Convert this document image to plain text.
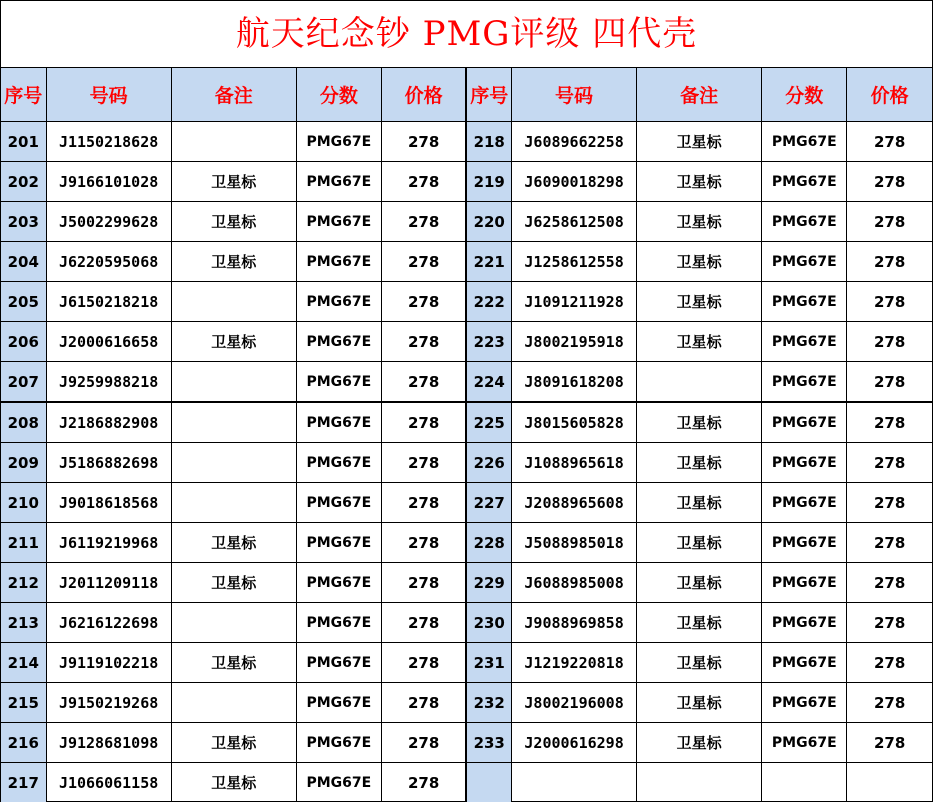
航天纪念钞 PMG评级 四代壳
序号	号码	备注	分数	价格	序号	号码	备注	分数	价格
201	J1150218628		PMG67E	278	218	J6089662258	卫星标	PMG67E	278
202	J9166101028	卫星标	PMG67E	278	219	J6090018298	卫星标	PMG67E	278
203	J5002299628	卫星标	PMG67E	278	220	J6258612508	卫星标	PMG67E	278
204	J6220595068	卫星标	PMG67E	278	221	J1258612558	卫星标	PMG67E	278
205	J6150218218		PMG67E	278	222	J1091211928	卫星标	PMG67E	278
206	J2000616658	卫星标	PMG67E	278	223	J8002195918	卫星标	PMG67E	278
207	J9259988218		PMG67E	278	224	J8091618208		PMG67E	278
208	J2186882908		PMG67E	278	225	J8015605828	卫星标	PMG67E	278
209	J5186882698		PMG67E	278	226	J1088965618	卫星标	PMG67E	278
210	J9018618568		PMG67E	278	227	J2088965608	卫星标	PMG67E	278
211	J6119219968	卫星标	PMG67E	278	228	J5088985018	卫星标	PMG67E	278
212	J2011209118	卫星标	PMG67E	278	229	J6088985008	卫星标	PMG67E	278
213	J6216122698		PMG67E	278	230	J9088969858	卫星标	PMG67E	278
214	J9119102218	卫星标	PMG67E	278	231	J1219220818	卫星标	PMG67E	278
215	J9150219268		PMG67E	278	232	J8002196008	卫星标	PMG67E	278
216	J9128681098	卫星标	PMG67E	278	233	J2000616298	卫星标	PMG67E	278
217	J1066061158	卫星标	PMG67E	278					
